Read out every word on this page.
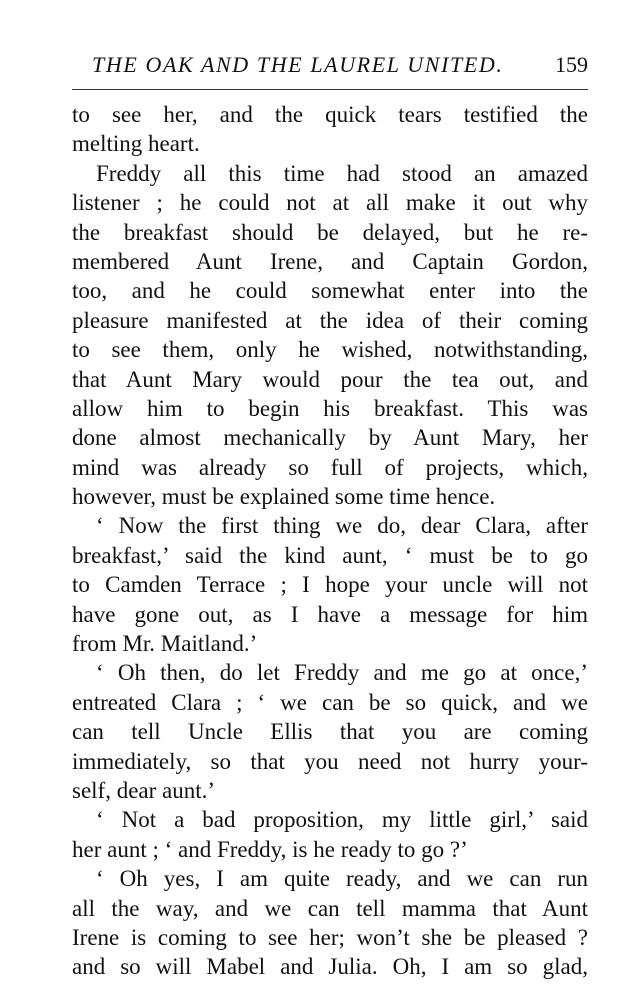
THE OAK AND THE LAUREL UNITED. 159
to see her, and the quick tears testified the
melting heart.
Freddy all this time had stood an amazed
listener ; he could not at all make it out why
the breakfast should be delayed, but he re-
membered Aunt Irene, and Captain Gordon,
too, and he could somewhat enter into the
pleasure manifested at the idea of their coming
to see them, only he wished, notwithstanding,
that Aunt Mary would pour the tea out, and
allow him to begin his breakfast. This was
done almost mechanically by Aunt Mary, her
mind was already so full of projects, which,
however, must be explained some time hence.
‘ Now the first thing we do, dear Clara, after
breakfast,’ said the kind aunt, ‘ must be to go
to Camden Terrace ; I hope your uncle will not
have gone out, as I have a message for him
from Mr. Maitland.’
‘ Oh then, do let Freddy and me go at once,’
entreated Clara ; ‘ we can be so quick, and we
can tell Uncle Ellis that you are coming
immediately, so that you need not hurry your-
self, dear aunt.’
‘ Not a bad proposition, my little girl,’ said
her aunt ; ‘ and Freddy, is he ready to go ?’
‘ Oh yes, I am quite ready, and we can run
all the way, and we can tell mamma that Aunt
Irene is coming to see her; won’t she be pleased ?
and so will Mabel and Julia. Oh, I am so glad,
